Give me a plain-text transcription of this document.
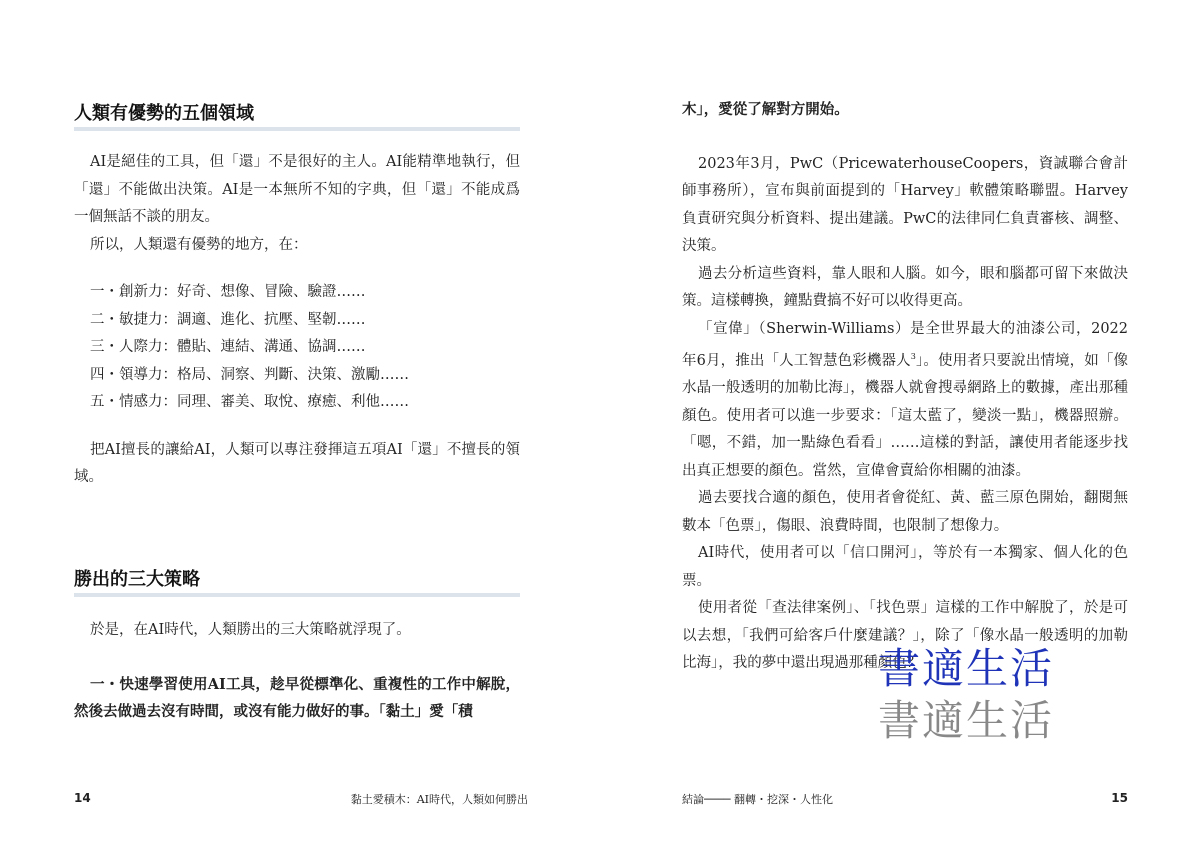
人類有優勢的五個領域

AI是絕佳的工具，但「還」不是很好的主人。AI能精準地執行，但「還」不能做出決策。AI是一本無所不知的字典，但「還」不能成爲一個無話不談的朋友。

所以，人類還有優勢的地方，在：

一・創新力：好奇、想像、冒險、驗證……
二・敏捷力：調適、進化、抗壓、堅韌……
三・人際力：體貼、連結、溝通、協調……
四・領導力：格局、洞察、判斷、決策、激勵……
五・情感力：同理、審美、取悅、療癒、利他……

把AI擅長的讓給AI，人類可以專注發揮這五項AI「還」不擅長的領域。

勝出的三大策略

於是，在AI時代，人類勝出的三大策略就浮現了。

一・快速學習使用AI工具，趁早從標準化、重複性的工作中解脫，然後去做過去沒有時間，或沒有能力做好的事。「黏土」愛「積

14	黏土愛積木：AI時代，人類如何勝出

木」，愛從了解對方開始。

2023年3月，PwC（PricewaterhouseCoopers，資誠聯合會計師事務所），宣布與前面提到的「Harvey」軟體策略聯盟。Harvey負責研究與分析資料、提出建議。PwC的法律同仁負責審核、調整、決策。

過去分析這些資料，靠人眼和人腦。如今，眼和腦都可留下來做決策。這樣轉換，鐘點費搞不好可以收得更高。

「宣偉」（Sherwin-Williams）是全世界最大的油漆公司，2022年6月，推出「人工智慧色彩機器人$^3$」。使用者只要說出情境，如「像水晶一般透明的加勒比海」，機器人就會搜尋網路上的數據，產出那種顏色。使用者可以進一步要求：「這太藍了，變淡一點」，機器照辦。「嗯，不錯，加一點綠色看看」……這樣的對話，讓使用者能逐步找出真正想要的顏色。當然，宣偉會賣給你相關的油漆。

過去要找合適的顏色，使用者會從紅、黃、藍三原色開始，翻閱無數本「色票」，傷眼、浪費時間，也限制了想像力。

AI時代，使用者可以「信口開河」，等於有一本獨家、個人化的色票。

使用者從「查法律案例」、「找色票」這樣的工作中解脫了，於是可以去想，「我們可給客戶什麼建議？」，除了「像水晶一般透明的加勒比海」，我的夢中還出現過那種顏色？

書適生活
書適生活
結論──── 翻轉・挖深・人性化	15
